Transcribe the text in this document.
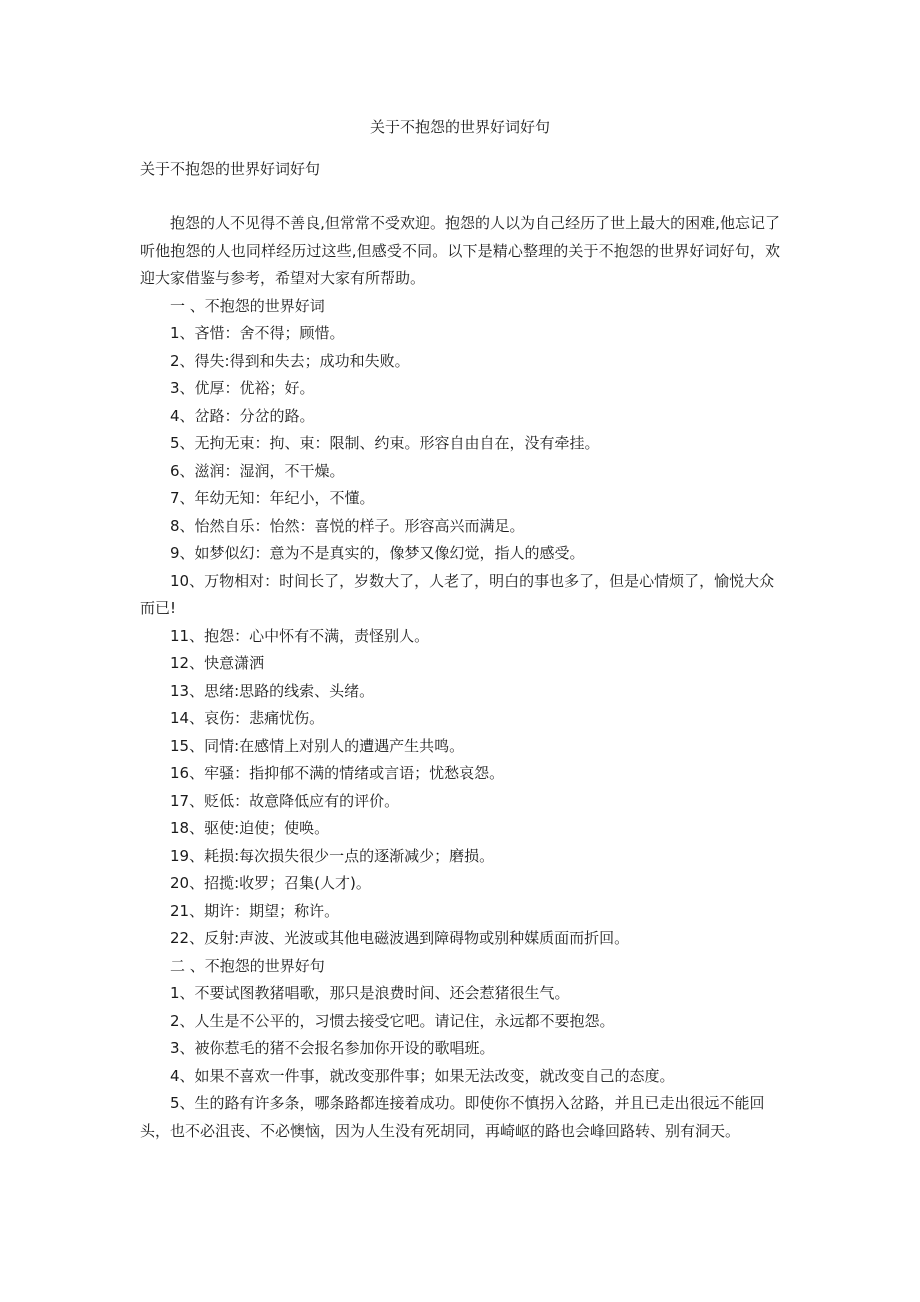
关于不抱怨的世界好词好句
关于不抱怨的世界好词好句

抱怨的人不见得不善良,但常常不受欢迎。抱怨的人以为自己经历了世上最大的困难,他忘记了听他抱怨的人也同样经历过这些,但感受不同。以下是精心整理的关于不抱怨的世界好词好句，欢迎大家借鉴与参考，希望对大家有所帮助。

一 、不抱怨的世界好词

1、吝惜：舍不得；顾惜。

2、得失:得到和失去；成功和失败。

3、优厚：优裕；好。

4、岔路：分岔的路。

5、无拘无束：拘、束：限制、约束。形容自由自在，没有牵挂。

6、滋润：湿润，不干燥。

7、年幼无知：年纪小，不懂。

8、怡然自乐：怡然：喜悦的样子。形容高兴而满足。

9、如梦似幻：意为不是真实的，像梦又像幻觉，指人的感受。

10、万物相对：时间长了，岁数大了，人老了，明白的事也多了，但是心情烦了，愉悦大众而已!

11、抱怨：心中怀有不满，责怪别人。

12、快意潇洒

13、思绪:思路的线索、头绪。

14、哀伤：悲痛忧伤。

15、同情:在感情上对别人的遭遇产生共鸣。

16、牢骚：指抑郁不满的情绪或言语；忧愁哀怨。

17、贬低：故意降低应有的评价。

18、驱使:迫使；使唤。

19、耗损:每次损失很少一点的逐渐减少；磨损。

20、招揽:收罗；召集(人才)。

21、期许：期望；称许。

22、反射:声波、光波或其他电磁波遇到障碍物或别种媒质面而折回。

二 、不抱怨的世界好句

1、不要试图教猪唱歌，那只是浪费时间、还会惹猪很生气。

2、人生是不公平的，习惯去接受它吧。请记住，永远都不要抱怨。

3、被你惹毛的猪不会报名参加你开设的歌唱班。

4、如果不喜欢一件事，就改变那件事；如果无法改变，就改变自己的态度。

5、生的路有许多条，哪条路都连接着成功。即使你不慎拐入岔路，并且已走出很远不能回头，也不必沮丧、不必懊恼，因为人生没有死胡同，再崎岖的路也会峰回路转、别有洞天。
